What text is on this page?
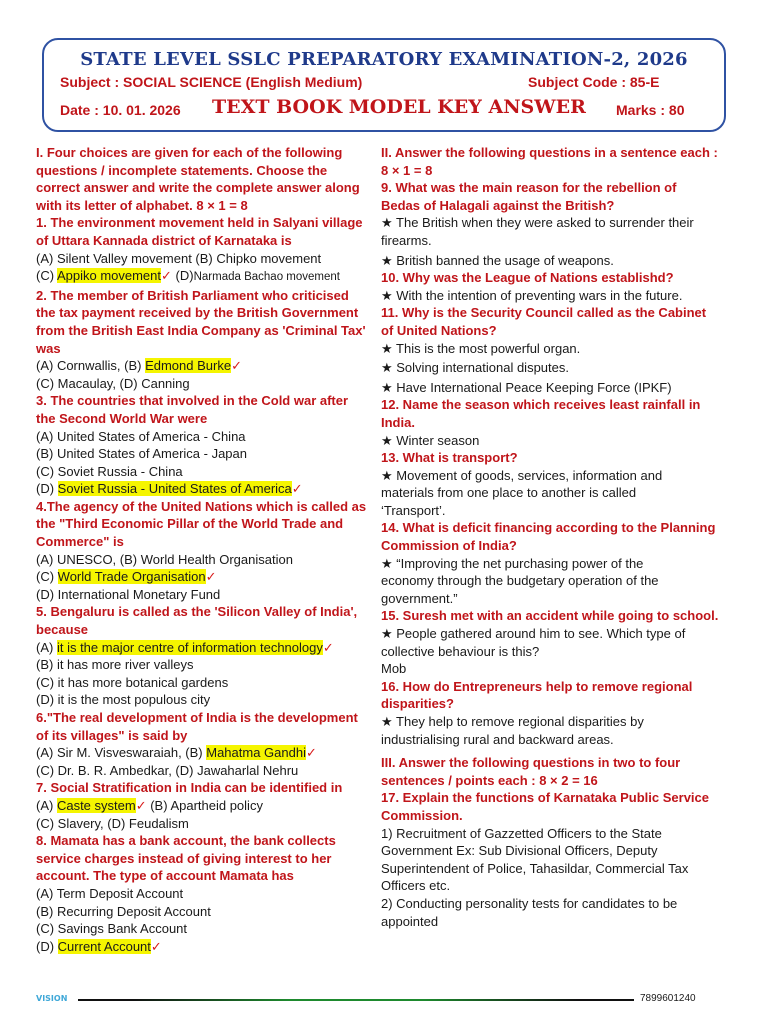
STATE LEVEL SSLC PREPARATORY EXAMINATION-2, 2026
Subject : SOCIAL SCIENCE (English Medium)	Subject Code : 85-E
Date : 10. 01. 2026 TEXT BOOK MODEL KEY ANSWER Marks : 80
I. Four choices are given for each of the following
questions / incomplete statements. Choose the
correct answer and write the complete answer along
with its letter of alphabet. 8 × 1 = 8
1. The environment movement held in Salyani village
of Uttara Kannada district of Karnataka is
(A) Silent Valley movement (B) Chipko movement
(C) Appiko movement✓ (D)Narmada Bachao movement
2. The member of British Parliament who criticised
the tax payment received by the British Government
from the British East India Company as 'Criminal Tax'
was
(A) Cornwallis, (B) Edmond Burke✓
(C) Macaulay, (D) Canning
3. The countries that involved in the Cold war after
the Second World War were
(A) United States of America - China
(B) United States of America - Japan
(C) Soviet Russia - China
(D) Soviet Russia - United States of America✓
4.The agency of the United Nations which is called as
the "Third Economic Pillar of the World Trade and
Commerce" is
(A) UNESCO, (B) World Health Organisation
(C) World Trade Organisation✓
(D) International Monetary Fund
5. Bengaluru is called as the 'Silicon Valley of India',
because
(A) it is the major centre of information technology✓
(B) it has more river valleys
(C) it has more botanical gardens
(D) it is the most populous city
6."The real development of India is the development
of its villages" is said by
(A) Sir M. Visveswaraiah, (B) Mahatma Gandhi✓
(C) Dr. B. R. Ambedkar, (D) Jawaharlal Nehru
7. Social Stratification in India can be identified in
(A) Caste system✓ (B) Apartheid policy
(C) Slavery, (D) Feudalism
8. Mamata has a bank account, the bank collects
service charges instead of giving interest to her
account. The type of account Mamata has
(A) Term Deposit Account
(B) Recurring Deposit Account
(C) Savings Bank Account
(D) Current Account✓
II. Answer the following questions in a sentence each :
8 × 1 = 8
9. What was the main reason for the rebellion of
Bedas of Halagali against the British?
★ The British when they were asked to surrender their
firearms.
★ British banned the usage of weapons.
10. Why was the League of Nations establishd?
★ With the intention of preventing wars in the future.
11. Why is the Security Council called as the Cabinet
of United Nations?
★ This is the most powerful organ.
★ Solving international disputes.
★ Have International Peace Keeping Force (IPKF)
12. Name the season which receives least rainfall in
India.
★ Winter season
13. What is transport?
★ Movement of goods, services, information and
materials from one place to another is called
‘Transport’.
14. What is deficit financing according to the Planning
Commission of India?
★ “Improving the net purchasing power of the
economy through the budgetary operation of the
government.”
15. Suresh met with an accident while going to school.
★ People gathered around him to see. Which type of
collective behaviour is this?
Mob
16. How do Entrepreneurs help to remove regional
disparities?
★ They help to remove regional disparities by
industrialising rural and backward areas.
III. Answer the following questions in two to four
sentences / points each : 8 × 2 = 16
17. Explain the functions of Karnataka Public Service
Commission.
1) Recruitment of Gazzetted Officers to the State
Government Ex: Sub Divisional Officers, Deputy
Superintendent of Police, Tahasildar, Commercial Tax
Officers etc.
2) Conducting personality tests for candidates to be
appointed
VISION	7899601240
